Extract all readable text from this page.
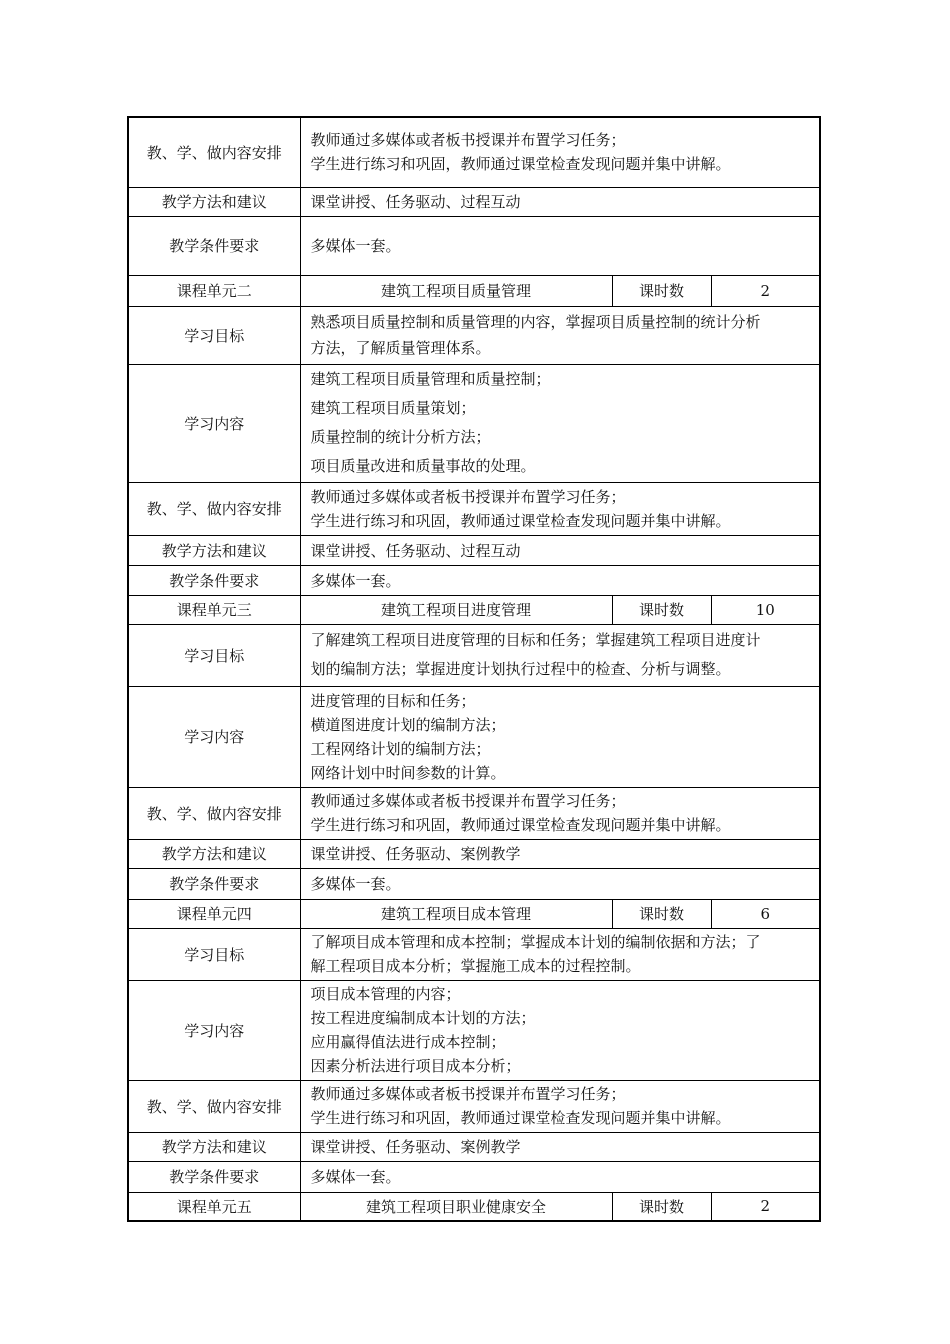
教、学、做内容安排	教师通过多媒体或者板书授课并布置学习任务；
学生进行练习和巩固，教师通过课堂检查发现问题并集中讲解。		

教学方法和建议	课堂讲授、任务驱动、过程互动		
教学条件要求	多媒体一套。		
课程单元二	建筑工程项目质量管理	课时数	2
学习目标	熟悉项目质量控制和质量管理的内容，掌握项目质量控制的统计分析
方法，了解质量管理体系。		

学习内容	建筑工程项目质量管理和质量控制；
建筑工程项目质量策划；
质量控制的统计分析方法；
项目质量改进和质量事故的处理。		

教、学、做内容安排	教师通过多媒体或者板书授课并布置学习任务；
学生进行练习和巩固，教师通过课堂检查发现问题并集中讲解。		

教学方法和建议	课堂讲授、任务驱动、过程互动		
教学条件要求	多媒体一套。		
课程单元三	建筑工程项目进度管理	课时数	10
学习目标	了解建筑工程项目进度管理的目标和任务；掌握建筑工程项目进度计
划的编制方法；掌握进度计划执行过程中的检查、分析与调整。		

学习内容	进度管理的目标和任务；
横道图进度计划的编制方法；
工程网络计划的编制方法；
网络计划中时间参数的计算。		

教、学、做内容安排	教师通过多媒体或者板书授课并布置学习任务；
学生进行练习和巩固，教师通过课堂检查发现问题并集中讲解。		

教学方法和建议	课堂讲授、任务驱动、案例教学		
教学条件要求	多媒体一套。		
课程单元四	建筑工程项目成本管理	课时数	6
学习目标	了解项目成本管理和成本控制；掌握成本计划的编制依据和方法；了
解工程项目成本分析；掌握施工成本的过程控制。		

学习内容	项目成本管理的内容；
按工程进度编制成本计划的方法；
应用赢得值法进行成本控制；
因素分析法进行项目成本分析；		

教、学、做内容安排	教师通过多媒体或者板书授课并布置学习任务；
学生进行练习和巩固，教师通过课堂检查发现问题并集中讲解。		

教学方法和建议	课堂讲授、任务驱动、案例教学		
教学条件要求	多媒体一套。		
课程单元五	建筑工程项目职业健康安全	课时数	2
